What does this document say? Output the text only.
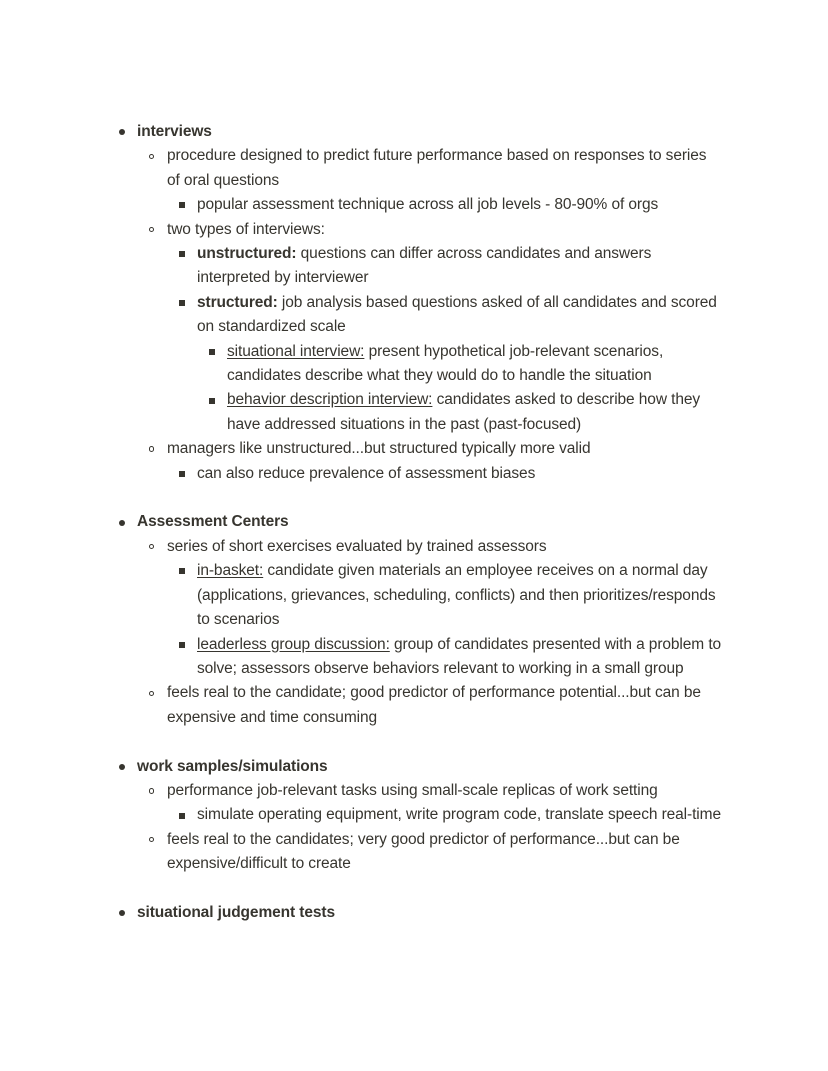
interviews
procedure designed to predict future performance based on responses to series of oral questions
popular assessment technique across all job levels - 80-90% of orgs
two types of interviews:
unstructured: questions can differ across candidates and answers interpreted by interviewer
structured: job analysis based questions asked of all candidates and scored on standardized scale
situational interview: present hypothetical job-relevant scenarios, candidates describe what they would do to handle the situation
behavior description interview: candidates asked to describe how they have addressed situations in the past (past-focused)
managers like unstructured...but structured typically more valid
can also reduce prevalence of assessment biases
Assessment Centers
series of short exercises evaluated by trained assessors
in-basket: candidate given materials an employee receives on a normal day (applications, grievances, scheduling, conflicts) and then prioritizes/responds to scenarios
leaderless group discussion: group of candidates presented with a problem to solve; assessors observe behaviors relevant to working in a small group
feels real to the candidate; good predictor of performance potential...but can be expensive and time consuming
work samples/simulations
performance job-relevant tasks using small-scale replicas of work setting
simulate operating equipment, write program code, translate speech real-time
feels real to the candidates; very good predictor of performance...but can be expensive/difficult to create
situational judgement tests
